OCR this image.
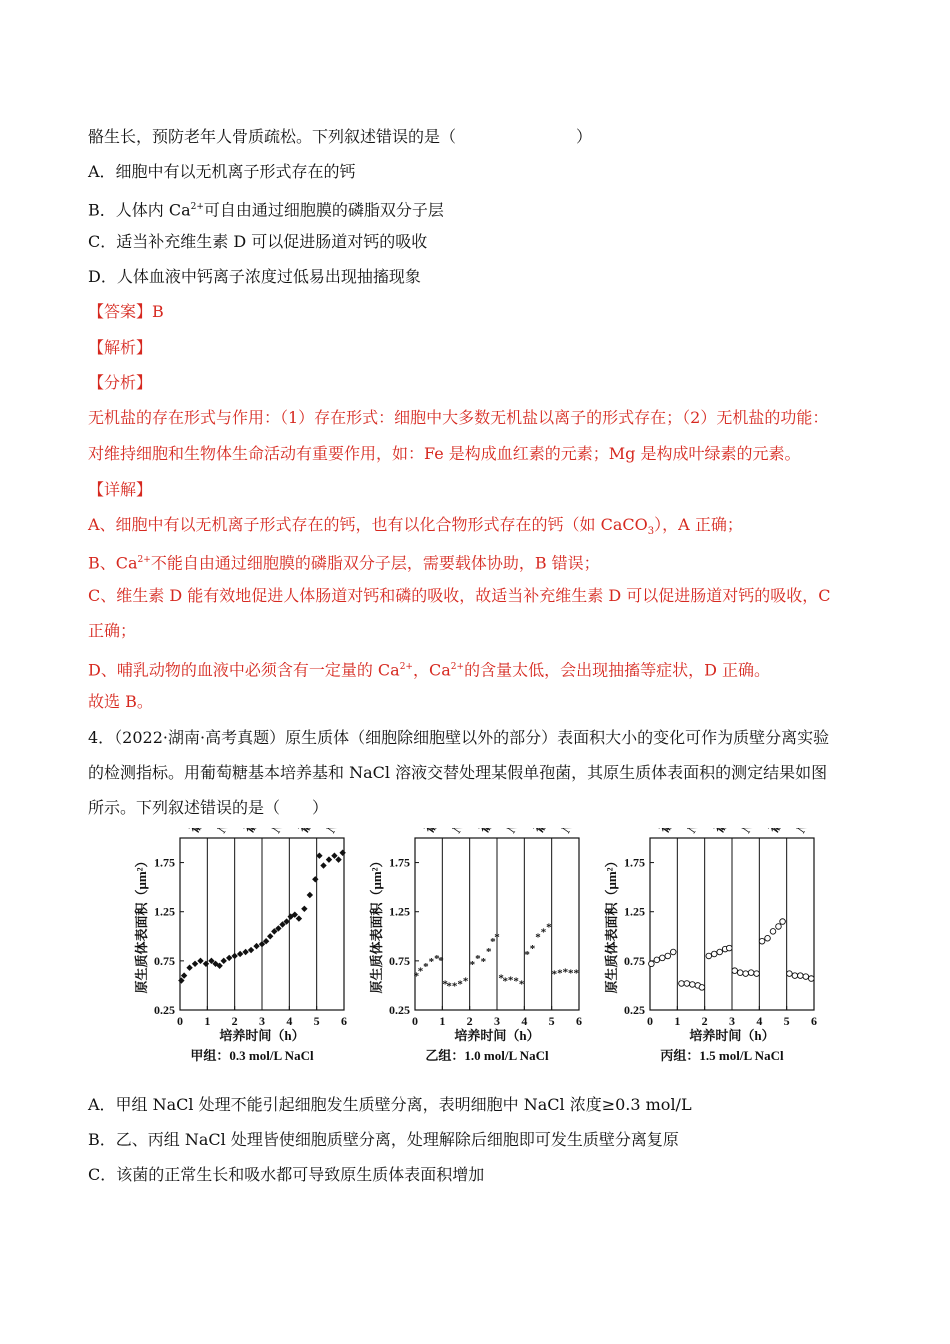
骼生长，预防老年人骨质疏松。下列叙述错误的是（	）
A．细胞中有以无机离子形式存在的钙
B．人体内 $Ca^{2+}$可自由通过细胞膜的磷脂双分子层
C．适当补充维生素 D 可以促进肠道对钙的吸收
D．人体血液中钙离子浓度过低易出现抽搐现象
【答案】B
【解析】
【分析】
无机盐的存在形式与作用：（1）存在形式：细胞中大多数无机盐以离子的形式存在；（2）无机盐的功能：
对维持细胞和生物体生命活动有重要作用，如：Fe 是构成血红素的元素；Mg 是构成叶绿素的元素。
【详解】
A、细胞中有以无机离子形式存在的钙，也有以化合物形式存在的钙（如 CaCO$_3$），A 正确；
B、$Ca^{2+}$不能自由通过细胞膜的磷脂双分子层，需要载体协助，B 错误；
C、维生素 D 能有效地促进人体肠道对钙和磷的吸收，故适当补充维生素 D 可以促进肠道对钙的吸收，C
正确；
D、哺乳动物的血液中必须含有一定量的 $Ca^{2+}$，$Ca^{2+}$的含量太低，会出现抽搐等症状，D 正确。
故选 B。
4．（2022·湖南·高考真题）原生质体（细胞除细胞壁以外的部分）表面积大小的变化可作为质壁分离实验
的检测指标。用葡萄糖基本培养基和 NaCl 溶液交替处理某假单孢菌，其原生质体表面积的测定结果如图
所示。下列叙述错误的是（　　）
0.25
0.75
1.25
1.75
0 1 2 3 4 5 6
原生质体表面积（μm²）
培养时间（h）
甲组：0.3 mol/L NaCl
0.25
0.75
1.25
1.75
0 1 2 3 4 5 6
原生质体表面积（μm²）
培养时间（h）
乙组：1.0 mol/L NaCl
*
* * * *
*
*
* * * *
* * *
*
*
*
*
* * * *
* *
* * *
* * * * *
0.25
0.75
1.25
1.75
0 1 2 3 4 5 6
原生质体表面积（μm²）
培养时间（h）
丙组：1.5 mol/L NaCl
A．甲组 NaCl 处理不能引起细胞发生质壁分离，表明细胞中 NaCl 浓度≥0.3 mol/L
B．乙、丙组 NaCl 处理皆使细胞质壁分离，处理解除后细胞即可发生质壁分离复原
C．该菌的正常生长和吸水都可导致原生质体表面积增加
